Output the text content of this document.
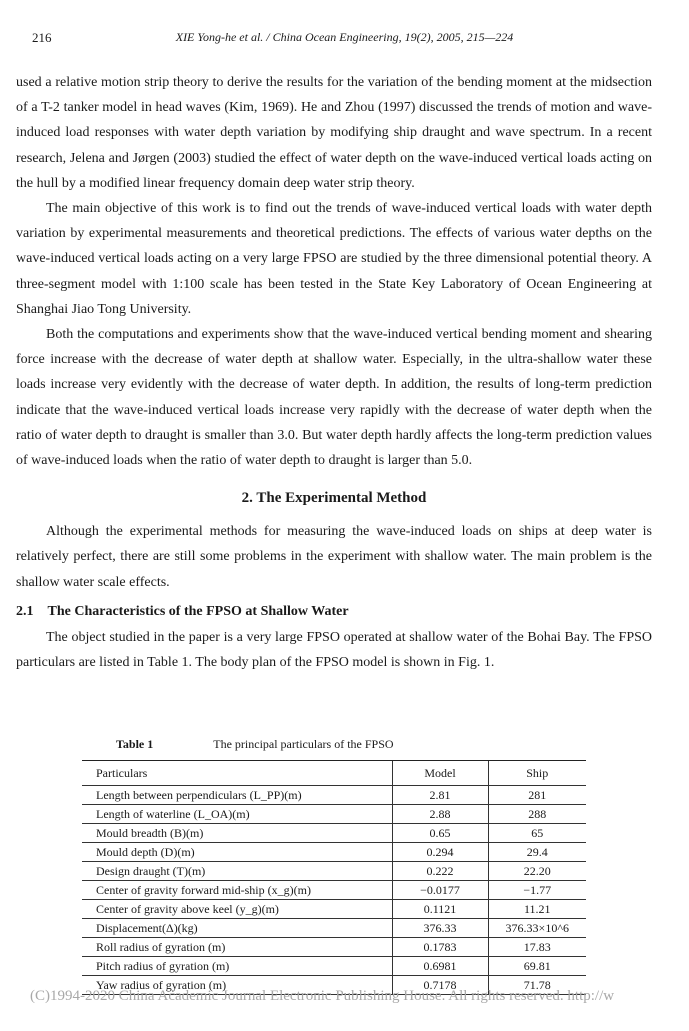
216	XIE Yong-he et al. / China Ocean Engineering, 19(2), 2005, 215—224

used a relative motion strip theory to derive the results for the variation of the bending moment at the midsection of a T-2 tanker model in head waves (Kim, 1969). He and Zhou (1997) discussed the trends of motion and wave-induced load responses with water depth variation by modifying ship draught and wave spectrum. In a recent research, Jelena and Jørgen (2003) studied the effect of water depth on the wave-induced vertical loads acting on the hull by a modified linear frequency domain deep water strip theory.

The main objective of this work is to find out the trends of wave-induced vertical loads with water depth variation by experimental measurements and theoretical predictions. The effects of various water depths on the wave-induced vertical loads acting on a very large FPSO are studied by the three dimensional potential theory. A three-segment model with 1:100 scale has been tested in the State Key Laboratory of Ocean Engineering at Shanghai Jiao Tong University.

Both the computations and experiments show that the wave-induced vertical bending moment and shearing force increase with the decrease of water depth at shallow water. Especially, in the ultra-shallow water these loads increase very evidently with the decrease of water depth. In addition, the results of long-term prediction indicate that the wave-induced vertical loads increase very rapidly with the decrease of water depth when the ratio of water depth to draught is smaller than 3.0. But water depth hardly affects the long-term prediction values of wave-induced loads when the ratio of water depth to draught is larger than 5.0.

2. The Experimental Method

Although the experimental methods for measuring the wave-induced loads on ships at deep water is relatively perfect, there are still some problems in the experiment with shallow water. The main problem is the shallow water scale effects.

2.1 The Characteristics of the FPSO at Shallow Water

The object studied in the paper is a very large FPSO operated at shallow water of the Bohai Bay. The FPSO particulars are listed in Table 1. The body plan of the FPSO model is shown in Fig. 1.

Table 1	The principal particulars of the FPSO
Particulars	Model	Ship
Length between perpendiculars (L_PP)(m)	2.81	281
Length of waterline (L_OA)(m)	2.88	288
Mould breadth (B)(m)	0.65	65
Mould depth (D)(m)	0.294	29.4
Design draught (T)(m)	0.222	22.20
Center of gravity forward mid-ship (x_g)(m)	−0.0177	−1.77
Center of gravity above keel (y_g)(m)	0.1121	11.21
Displacement(Δ)(kg)	376.33	376.33×10^6
Roll radius of gyration (m)	0.1783	17.83
Pitch radius of gyration (m)	0.6981	69.81
Yaw radius of gyration (m)	0.7178	71.78
(C)1994-2020 China Academic Journal Electronic Publishing House. All rights reserved. http://w
